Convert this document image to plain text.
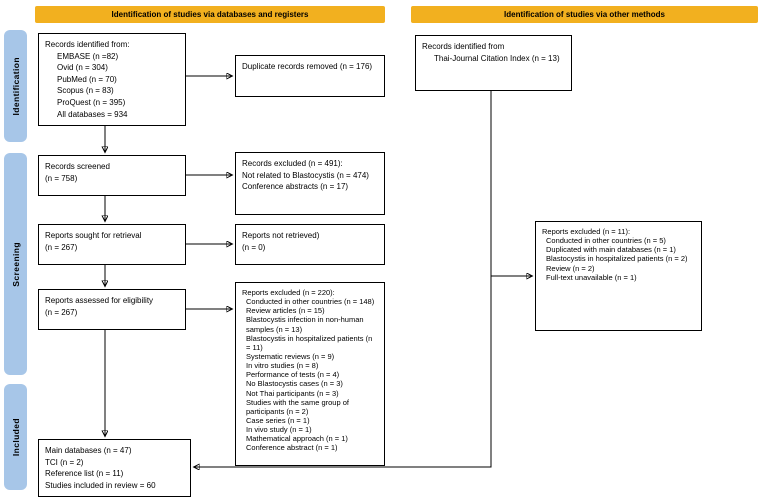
Identification of studies via databases and registers	Identification of studies via other methods
Identification
Screening
Included
Records identified from:
EMBASE (n =82)
Ovid (n = 304)
PubMed (n = 70)
Scopus (n = 83)
ProQuest (n = 395)
All databases = 934
Duplicate records removed (n = 176)
Records identified from
Thai-Journal Citation Index (n = 13)
Records screened
(n = 758)
Records excluded (n = 491):
Not related to Blastocystis (n = 474)
Conference abstracts (n = 17)
Reports sought for retrieval
(n = 267)
Reports not retrieved)
(n = 0)
Reports assessed for eligibility
(n = 267)
Reports excluded (n = 220):
Conducted in other countries (n = 148)
Review articles (n = 15)
Blastocystis infection in non-human samples (n = 13)
Blastocystis in hospitalized patients (n = 11)
Systematic reviews (n = 9)
In vitro studies (n = 8)
Performance of tests (n = 4)
No Blastocystis cases (n = 3)
Not Thai participants (n = 3)
Studies with the same group of participants (n = 2)
Case series (n = 1)
In vivo study (n = 1)
Mathematical approach (n = 1)
Conference abstract (n = 1)
Reports excluded (n = 11):
Conducted in other countries (n = 5)
Duplicated with main databases (n = 1)
Blastocystis in hospitalized patients (n = 2)
Review (n = 2)
Full-text unavailable (n = 1)
Main databases (n = 47)
TCI (n = 2)
Reference list (n = 11)
Studies included in review = 60
